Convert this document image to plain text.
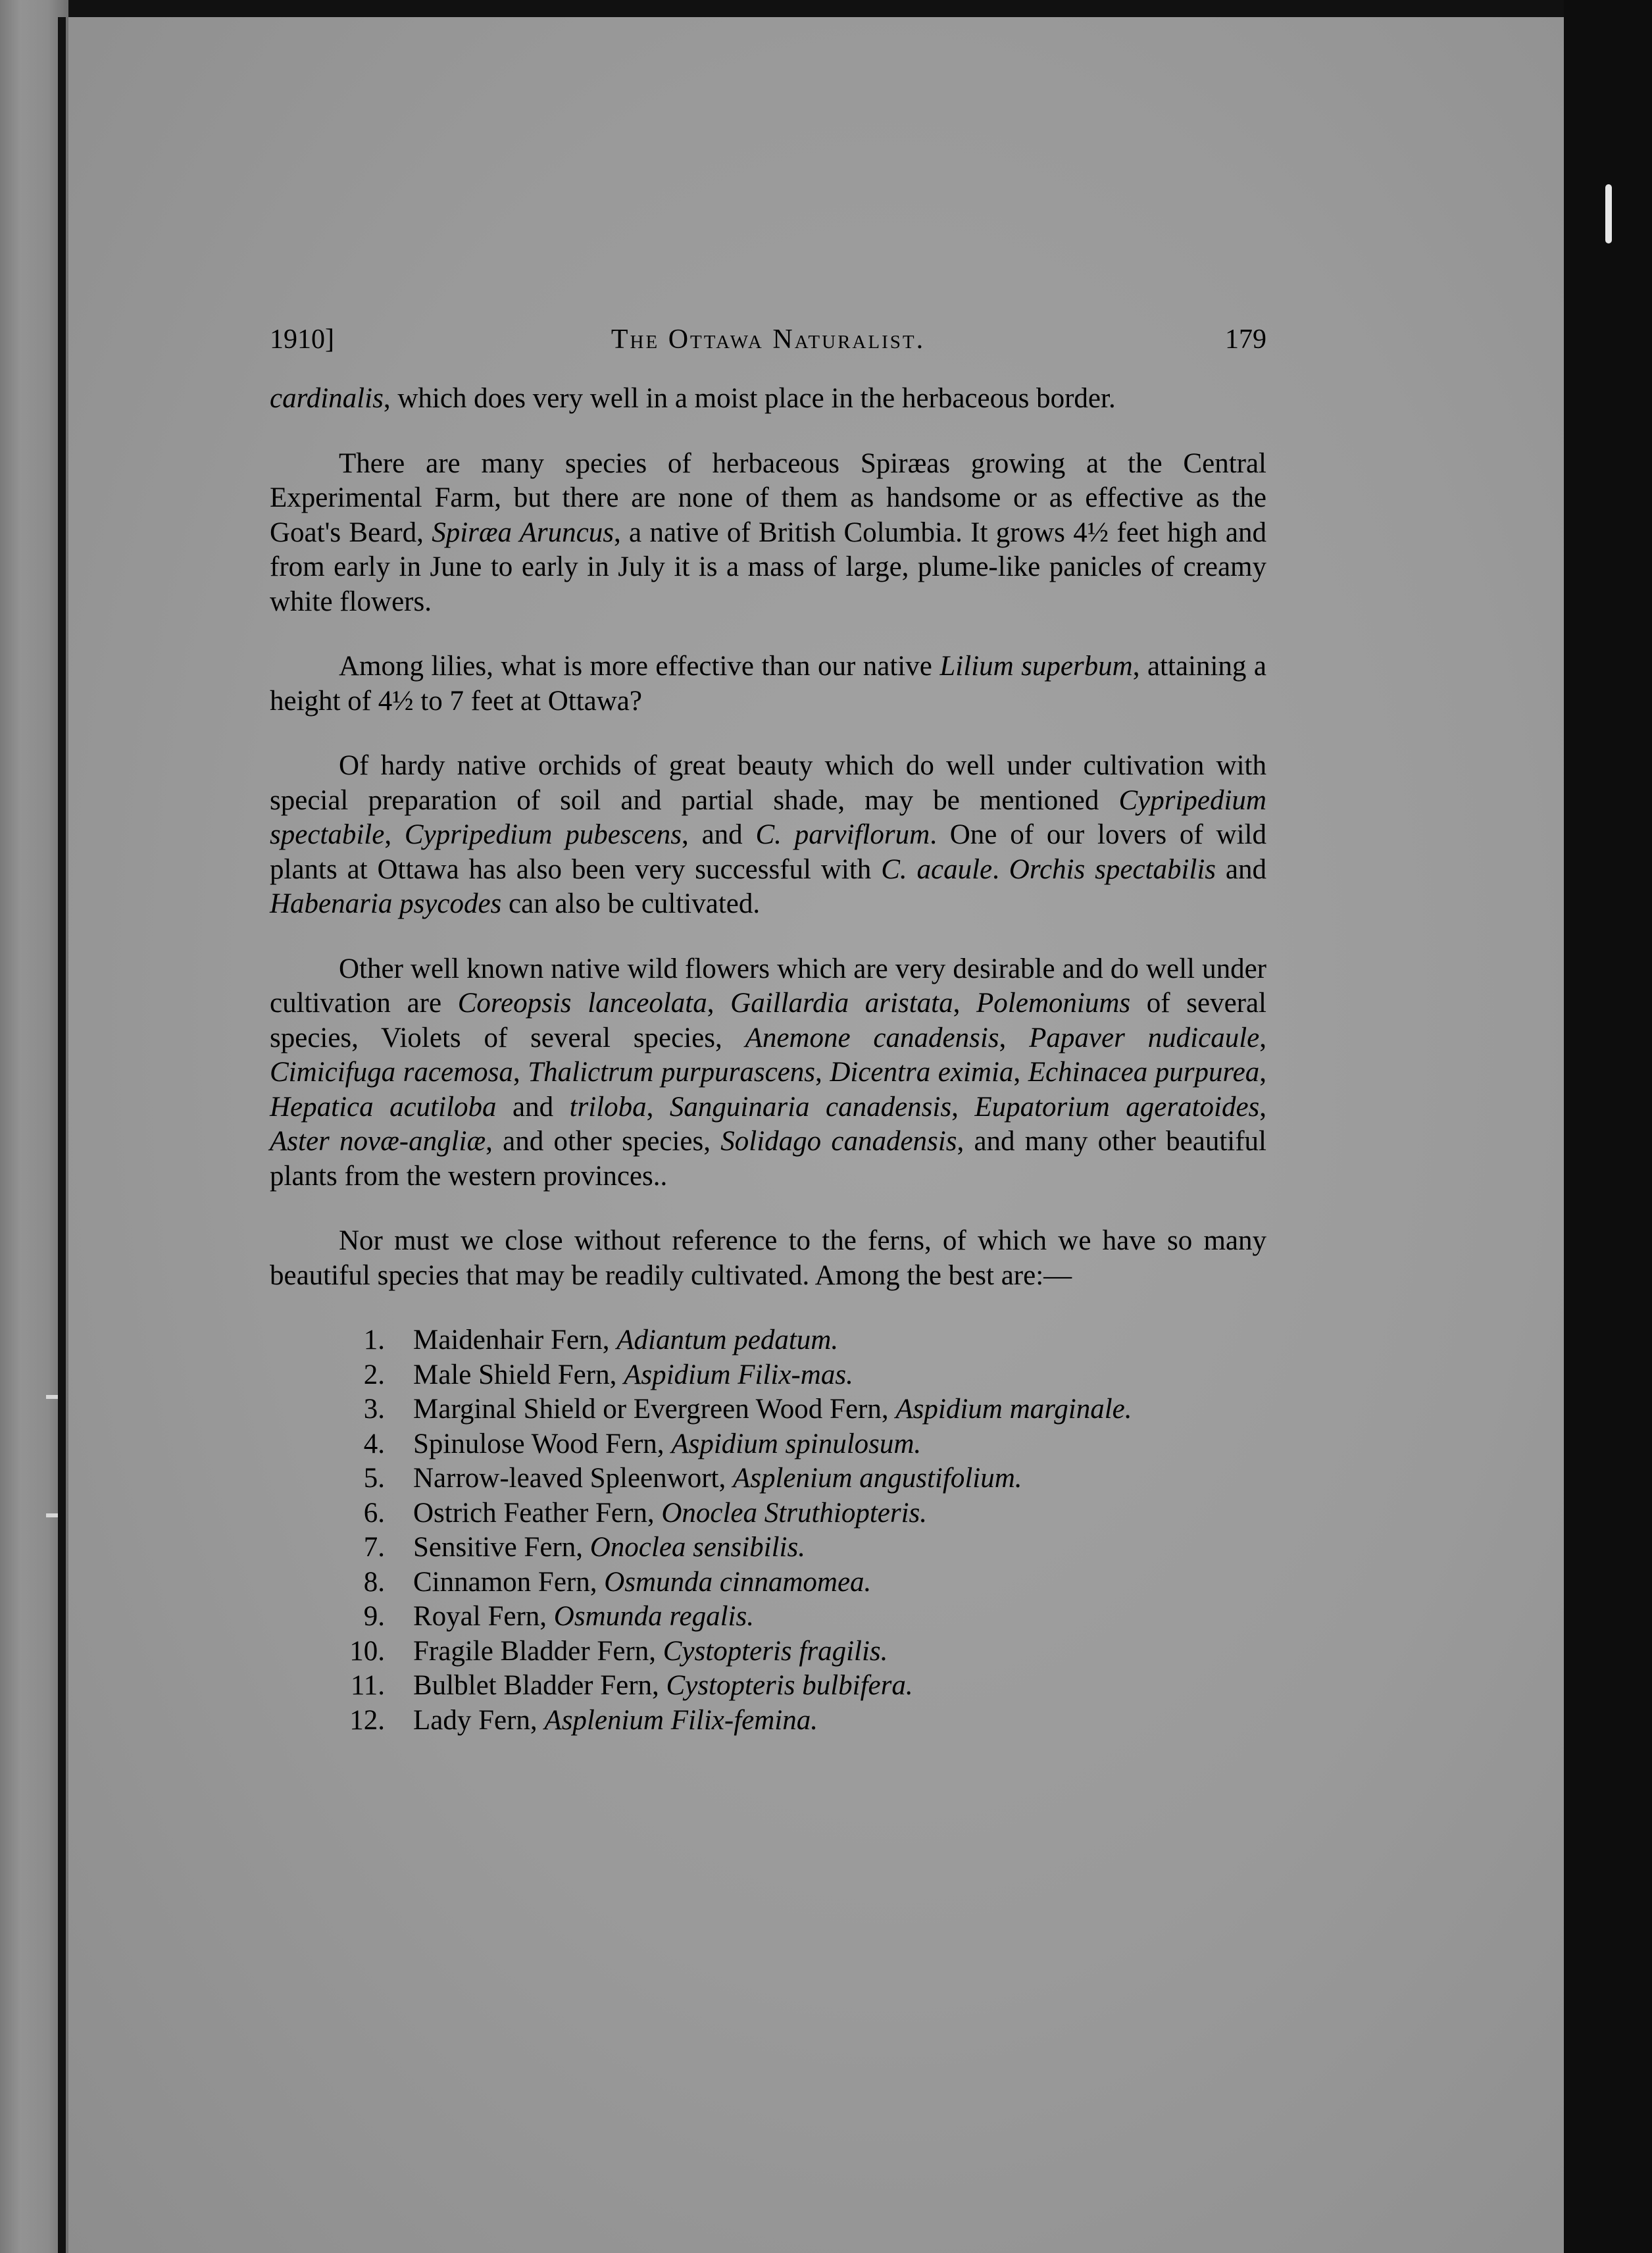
1910]	The Ottawa Naturalist.	179

cardinalis, which does very well in a moist place in the herbaceous border.

There are many species of herbaceous Spiræas growing at the Central Experimental Farm, but there are none of them as handsome or as effective as the Goat's Beard, Spiræa Aruncus, a native of British Columbia. It grows 4½ feet high and from early in June to early in July it is a mass of large, plume-like panicles of creamy white flowers.

Among lilies, what is more effective than our native Lilium superbum, attaining a height of 4½ to 7 feet at Ottawa?

Of hardy native orchids of great beauty which do well under cultivation with special preparation of soil and partial shade, may be mentioned Cypripedium spectabile, Cypripedium pubescens, and C. parviflorum. One of our lovers of wild plants at Ottawa has also been very successful with C. acaule. Orchis spectabilis and Habenaria psycodes can also be cultivated.

Other well known native wild flowers which are very desirable and do well under cultivation are Coreopsis lanceolata, Gaillardia aristata, Polemoniums of several species, Violets of several species, Anemone canadensis, Papaver nudicaule, Cimicifuga racemosa, Thalictrum purpurascens, Dicentra eximia, Echinacea purpurea, Hepatica acutiloba and triloba, Sanguinaria canadensis, Eupatorium ageratoides, Aster novæ-angliæ, and other species, Solidago canadensis, and many other beautiful plants from the western provinces..

Nor must we close without reference to the ferns, of which we have so many beautiful species that may be readily cultivated. Among the best are:—

1. Maidenhair Fern, Adiantum pedatum.
2. Male Shield Fern, Aspidium Filix-mas.
3. Marginal Shield or Evergreen Wood Fern, Aspidium marginale.
4. Spinulose Wood Fern, Aspidium spinulosum.
5. Narrow-leaved Spleenwort, Asplenium angustifolium.
6. Ostrich Feather Fern, Onoclea Struthiopteris.
7. Sensitive Fern, Onoclea sensibilis.
8. Cinnamon Fern, Osmunda cinnamomea.
9. Royal Fern, Osmunda regalis.
10. Fragile Bladder Fern, Cystopteris fragilis.
11. Bulblet Bladder Fern, Cystopteris bulbifera.
12. Lady Fern, Asplenium Filix-femina.
